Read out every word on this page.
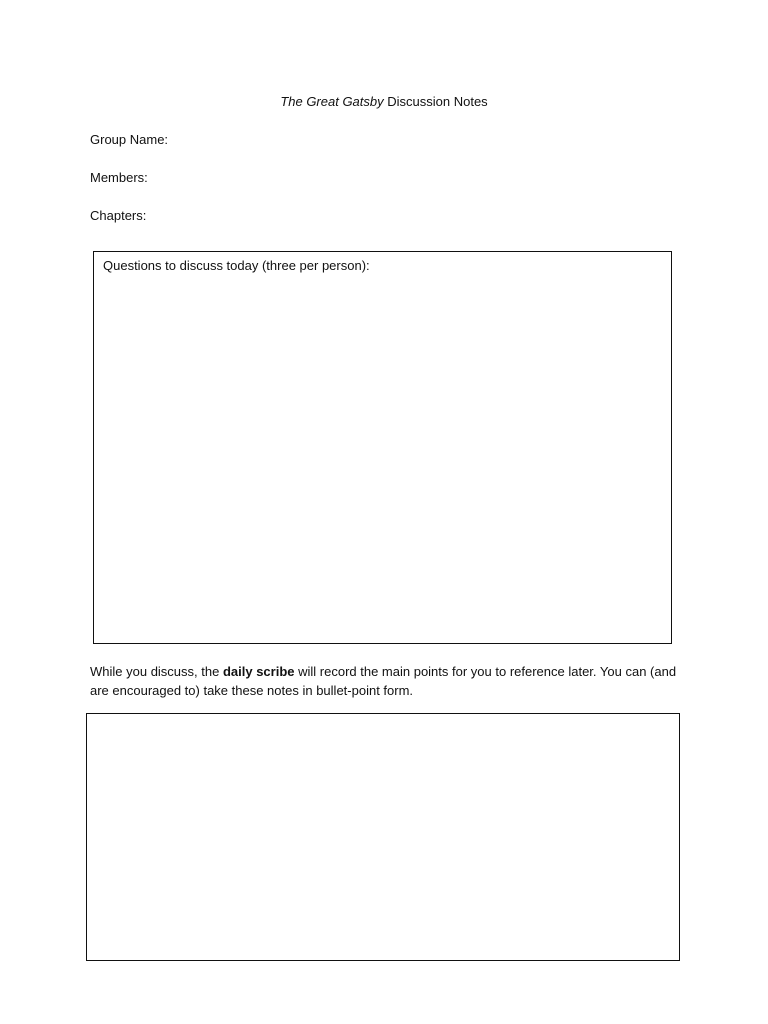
The Great Gatsby Discussion Notes
Group Name:
Members:
Chapters:
Questions to discuss today (three per person):
While you discuss, the daily scribe will record the main points for you to reference later. You can (and are encouraged to) take these notes in bullet-point form.
